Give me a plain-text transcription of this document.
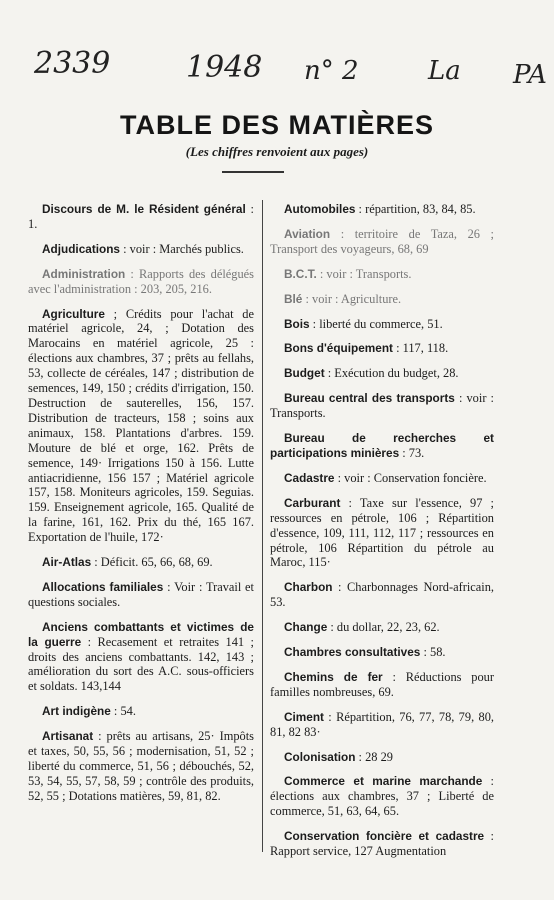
2339	1948 n° 2	La PA
TABLE DES MATIÈRES
(Les chiffres renvoient aux pages)

Discours de M. le Résident général : 1.

Adjudications : voir : Marchés publics.

Administration : Rapports des délégués avec l'administration : 203, 205, 216.

Agriculture ; Crédits pour l'achat de matériel agricole, 24, ; Dotation des Marocains en matériel agricole, 25 : élections aux chambres, 37 ; prêts au fellahs, 53, collecte de céréales, 147 ; distribution de semences, 149, 150 ; crédits d'irrigation, 150. Destruction de sauterelles, 156, 157. Distribution de tracteurs, 158 ; soins aux animaux, 158. Plantations d'arbres. 159. Mouture de blé et orge, 162. Prêts de semence, 149· Irrigations 150 à 156. Lutte antiacridienne, 156 157 ; Matériel agricole 157, 158. Moniteurs agricoles, 159. Seguias. 159. Enseignement agricole, 165. Qualité de la farine, 161, 162. Prix du thé, 165 167. Exportation de l'huile, 172·

Air-Atlas : Déficit. 65, 66, 68, 69.

Allocations familiales : Voir : Travail et questions sociales.

Anciens combattants et victimes de la guerre : Recasement et retraites 141 ; droits des anciens combattants. 142, 143 ; amélioration du sort des A.C. sous-officiers et soldats. 143,144

Art indigène : 54.

Artisanat : prêts au artisans, 25· Impôts et taxes, 50, 55, 56 ; modernisation, 51, 52 ; liberté du commerce, 51, 56 ; débouchés, 52, 53, 54, 55, 57, 58, 59 ; contrôle des produits, 52, 55 ; Dotations matières, 59, 81, 82.

Automobiles : répartition, 83, 84, 85.

Aviation : territoire de Taza, 26 ; Transport des voyageurs, 68, 69

B.C.T. : voir : Transports.

Blé : voir : Agriculture.

Bois : liberté du commerce, 51.

Bons d'équipement : 117, 118.

Budget : Exécution du budget, 28.

Bureau central des transports : voir : Transports.

Bureau de recherches et participations minières : 73.

Cadastre : voir : Conservation foncière.

Carburant : Taxe sur l'essence, 97 ; ressources en pétrole, 106 ; Répartition d'essence, 109, 111, 112, 117 ; ressources en pétrole, 106 Répartition du pétrole au Maroc, 115·

Charbon : Charbonnages Nord-africain, 53.

Change : du dollar, 22, 23, 62.

Chambres consultatives : 58.

Chemins de fer : Réductions pour familles nombreuses, 69.

Ciment : Répartition, 76, 77, 78, 79, 80, 81, 82 83·

Colonisation : 28 29

Commerce et marine marchande : élections aux chambres, 37 ; Liberté de commerce, 51, 63, 64, 65.

Conservation foncière et cadastre : Rapport service, 127 Augmentation
